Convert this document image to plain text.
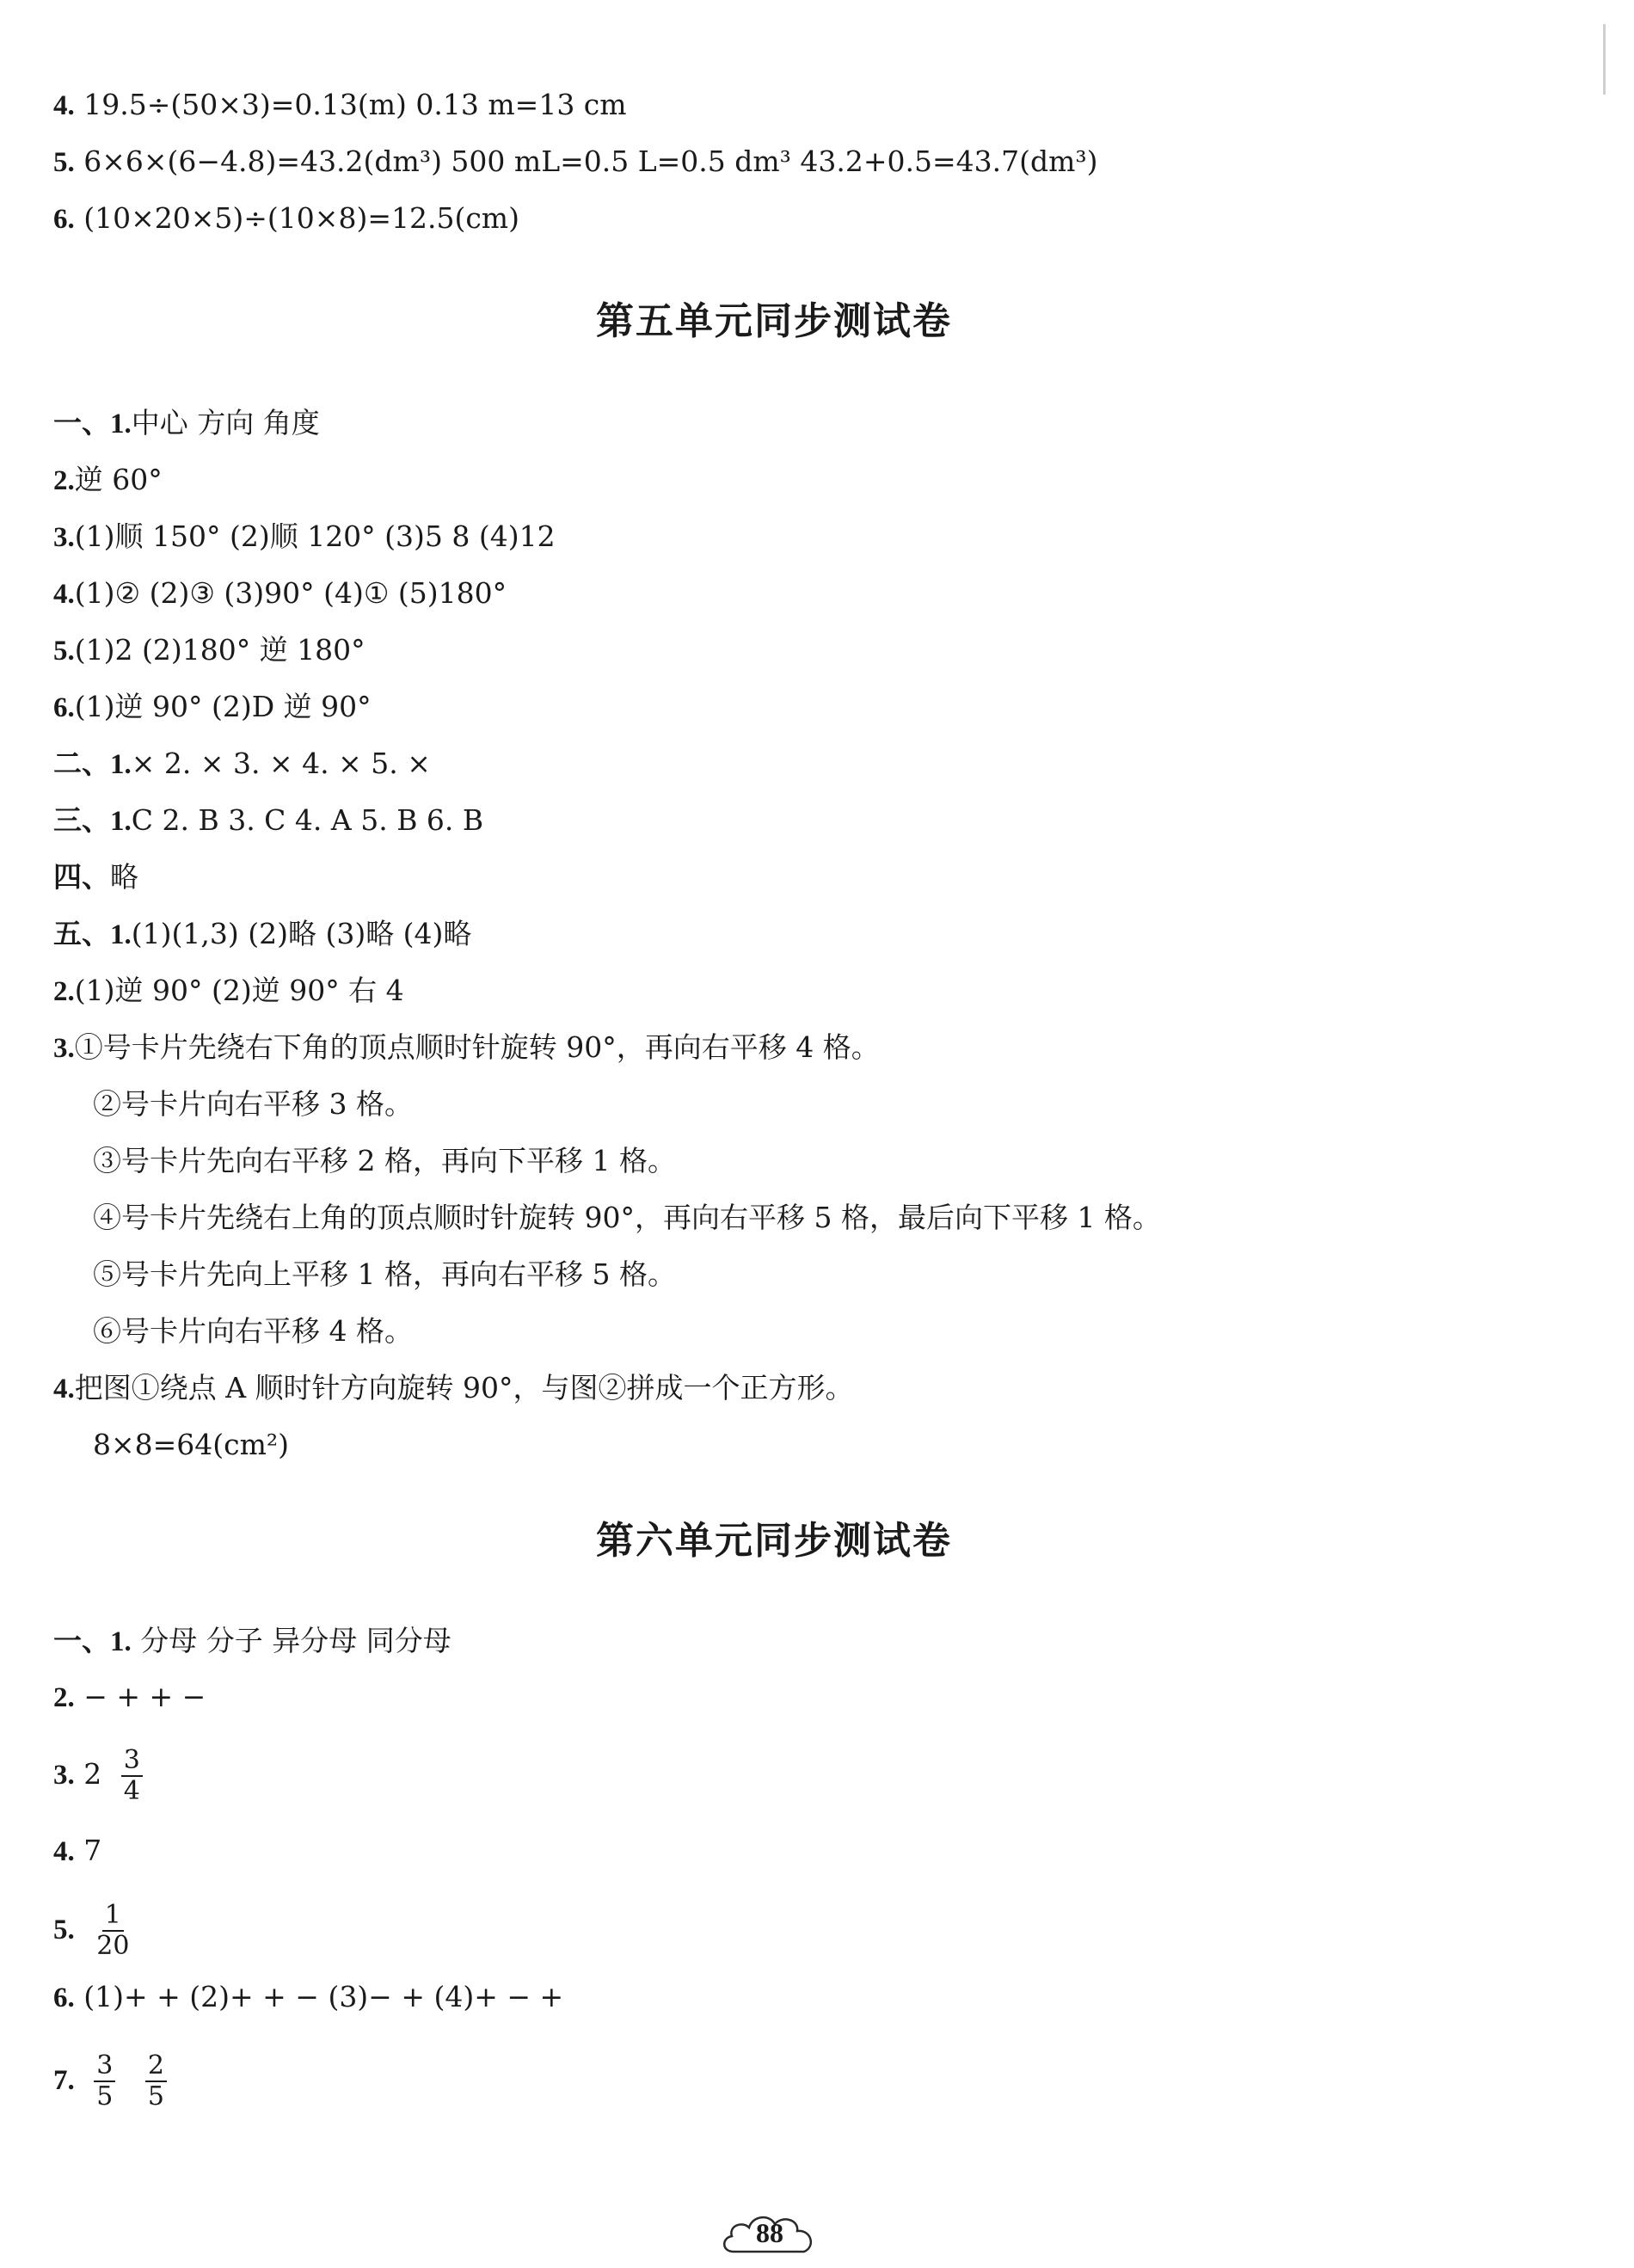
4. 19.5÷(50×3)=0.13(m) 0.13 m=13 cm
5. 6×6×(6−4.8)=43.2(dm³) 500 mL=0.5 L=0.5 dm³ 43.2+0.5=43.7(dm³)
6. (10×20×5)÷(10×8)=12.5(cm)
第五单元同步测试卷
一、1.中心 方向 角度
2.逆 60°
3.(1)顺 150° (2)顺 120° (3)5 8 (4)12
4.(1)② (2)③ (3)90° (4)① (5)180°
5.(1)2 (2)180° 逆 180°
6.(1)逆 90° (2)D 逆 90°
二、1.× 2. × 3. × 4. × 5. ×
三、1.C 2. B 3. C 4. A 5. B 6. B
四、略
五、1.(1)(1,3) (2)略 (3)略 (4)略
2.(1)逆 90° (2)逆 90° 右 4
3.①号卡片先绕右下角的顶点顺时针旋转 90°，再向右平移 4 格。
②号卡片向右平移 3 格。
③号卡片先向右平移 2 格，再向下平移 1 格。
④号卡片先绕右上角的顶点顺时针旋转 90°，再向右平移 5 格，最后向下平移 1 格。
⑤号卡片先向上平移 1 格，再向右平移 5 格。
⑥号卡片向右平移 4 格。
4.把图①绕点 A 顺时针方向旋转 90°，与图②拼成一个正方形。
8×8=64(cm²)
第六单元同步测试卷
一、1. 分母 分子 异分母 同分母
2. − + + −
3. $2 \frac{3}{4}$
4. 7
5. $\frac{1}{20}$
6. (1)+ + (2)+ + − (3)− + (4)+ − +
7. $\frac{3}{5}$
$\frac{2}{5}$
88
